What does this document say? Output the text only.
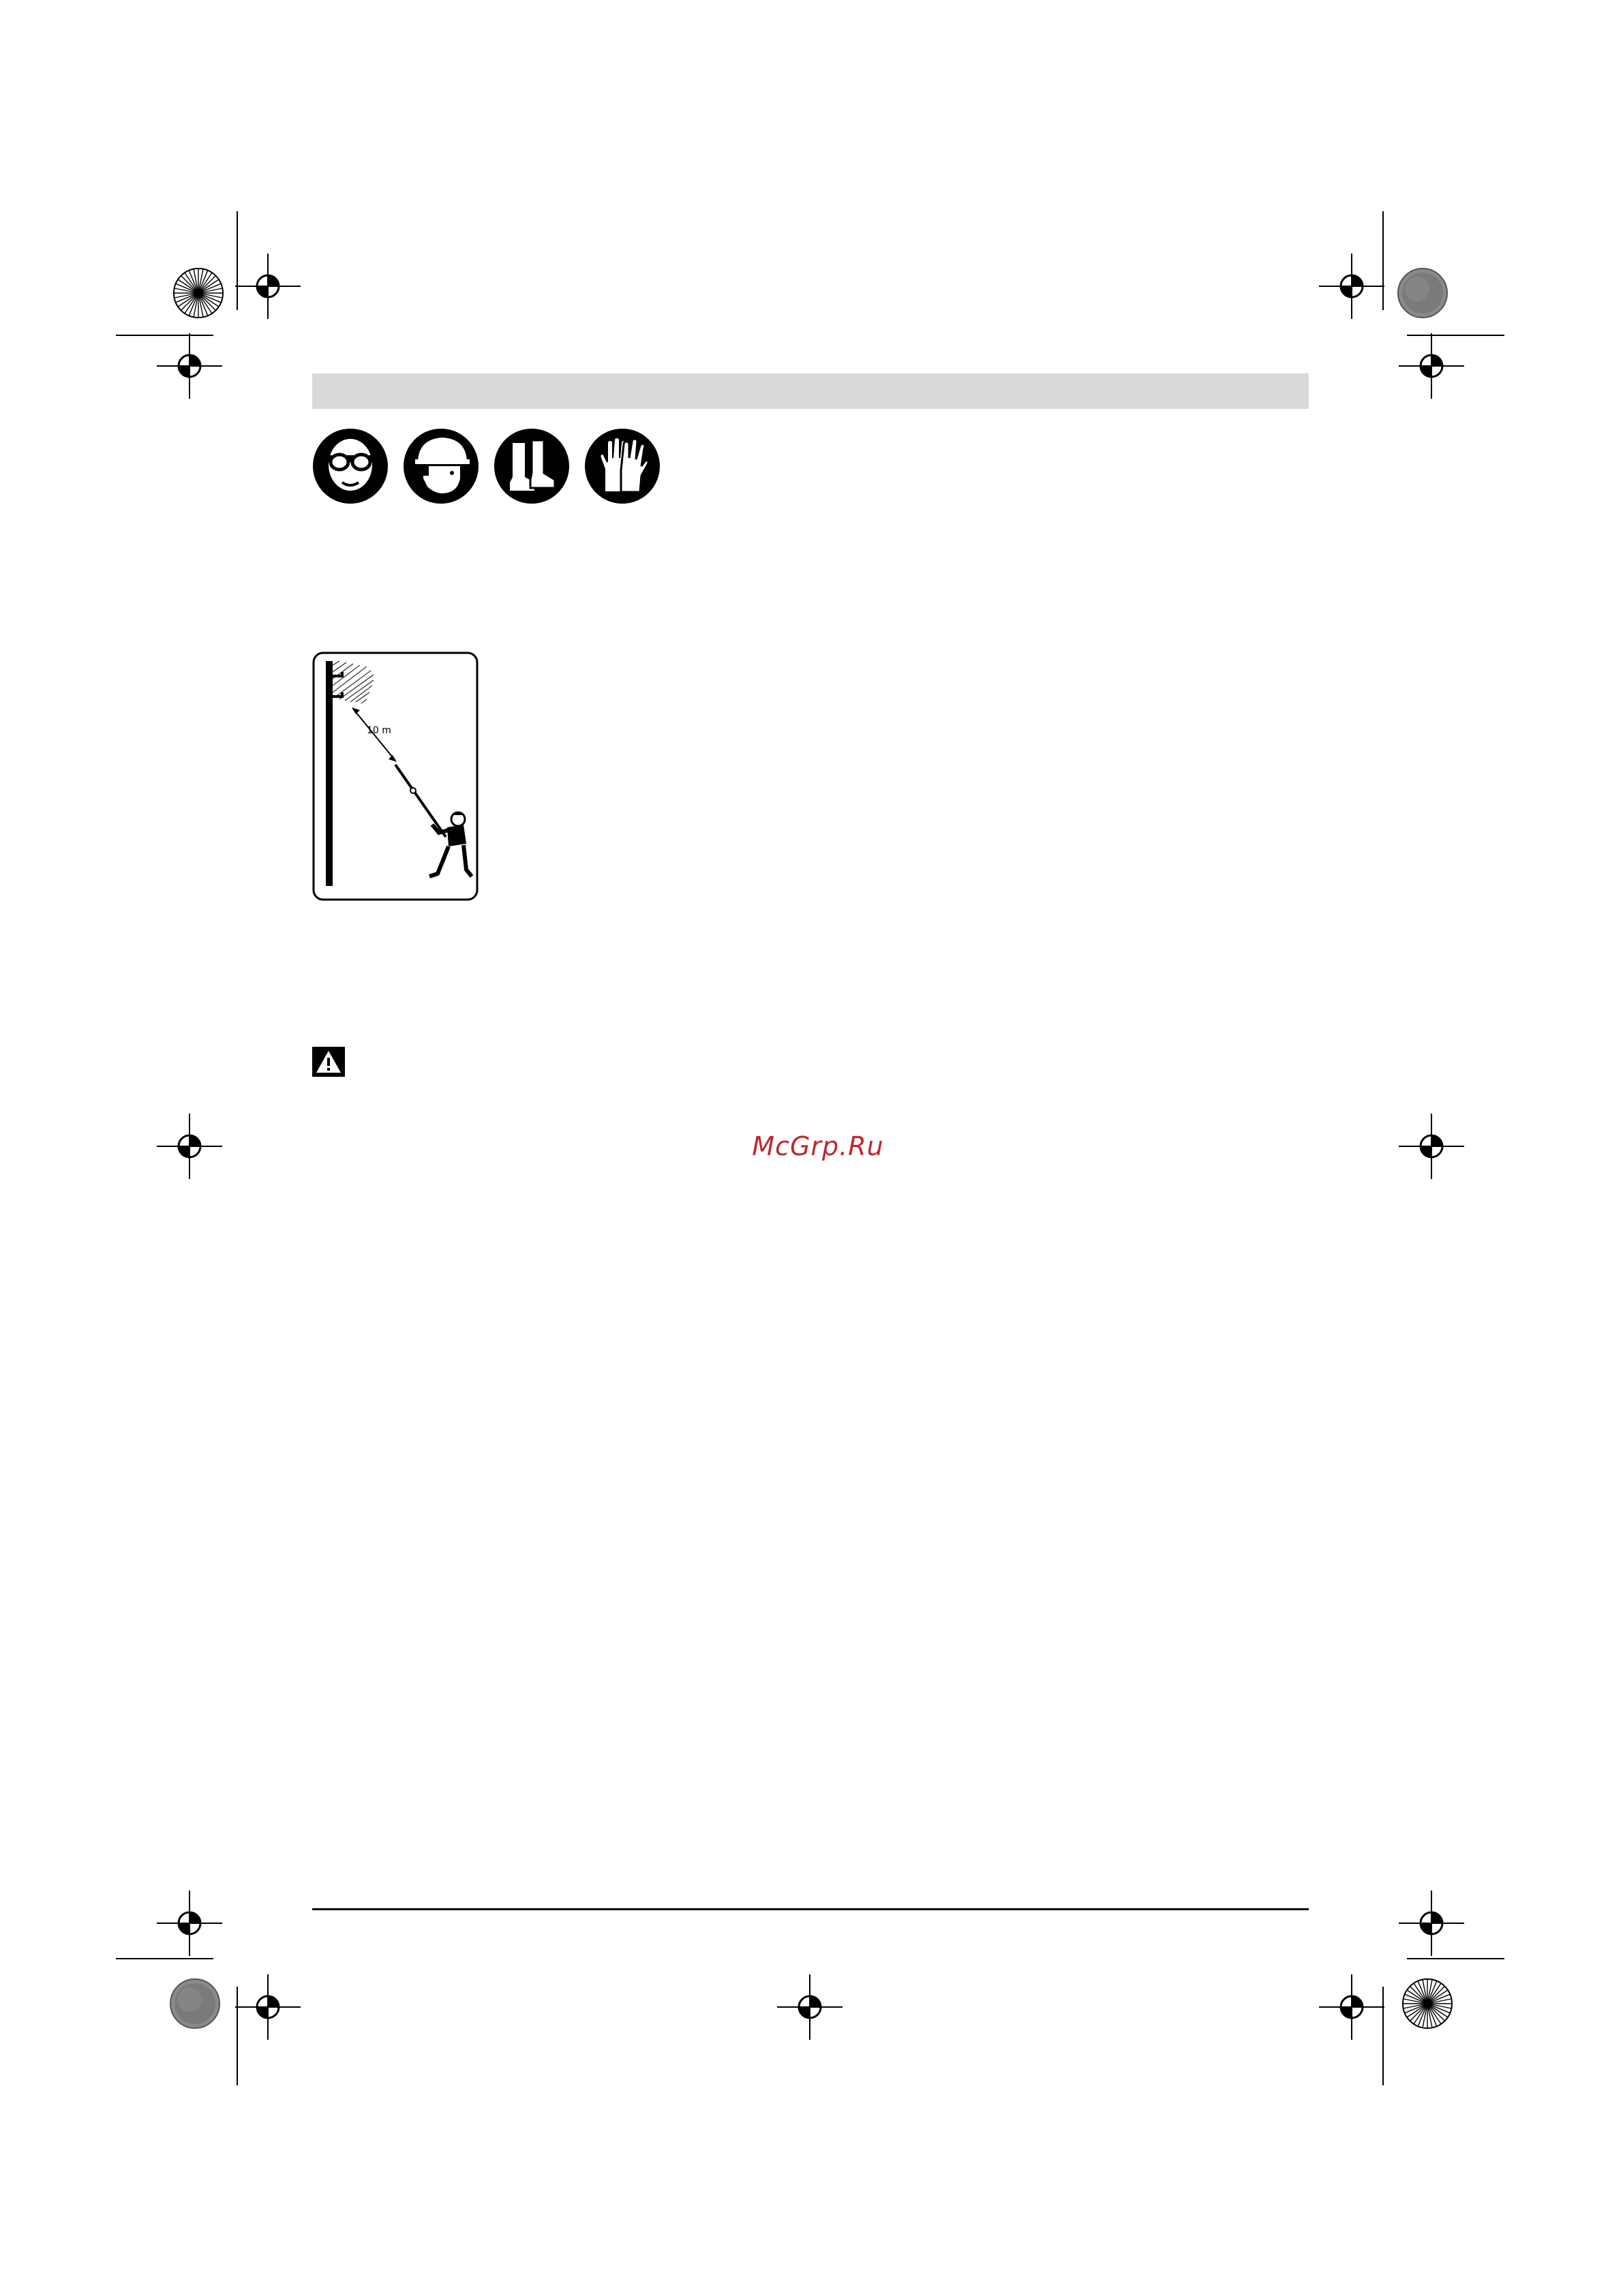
10 m
McGrp.Ru
